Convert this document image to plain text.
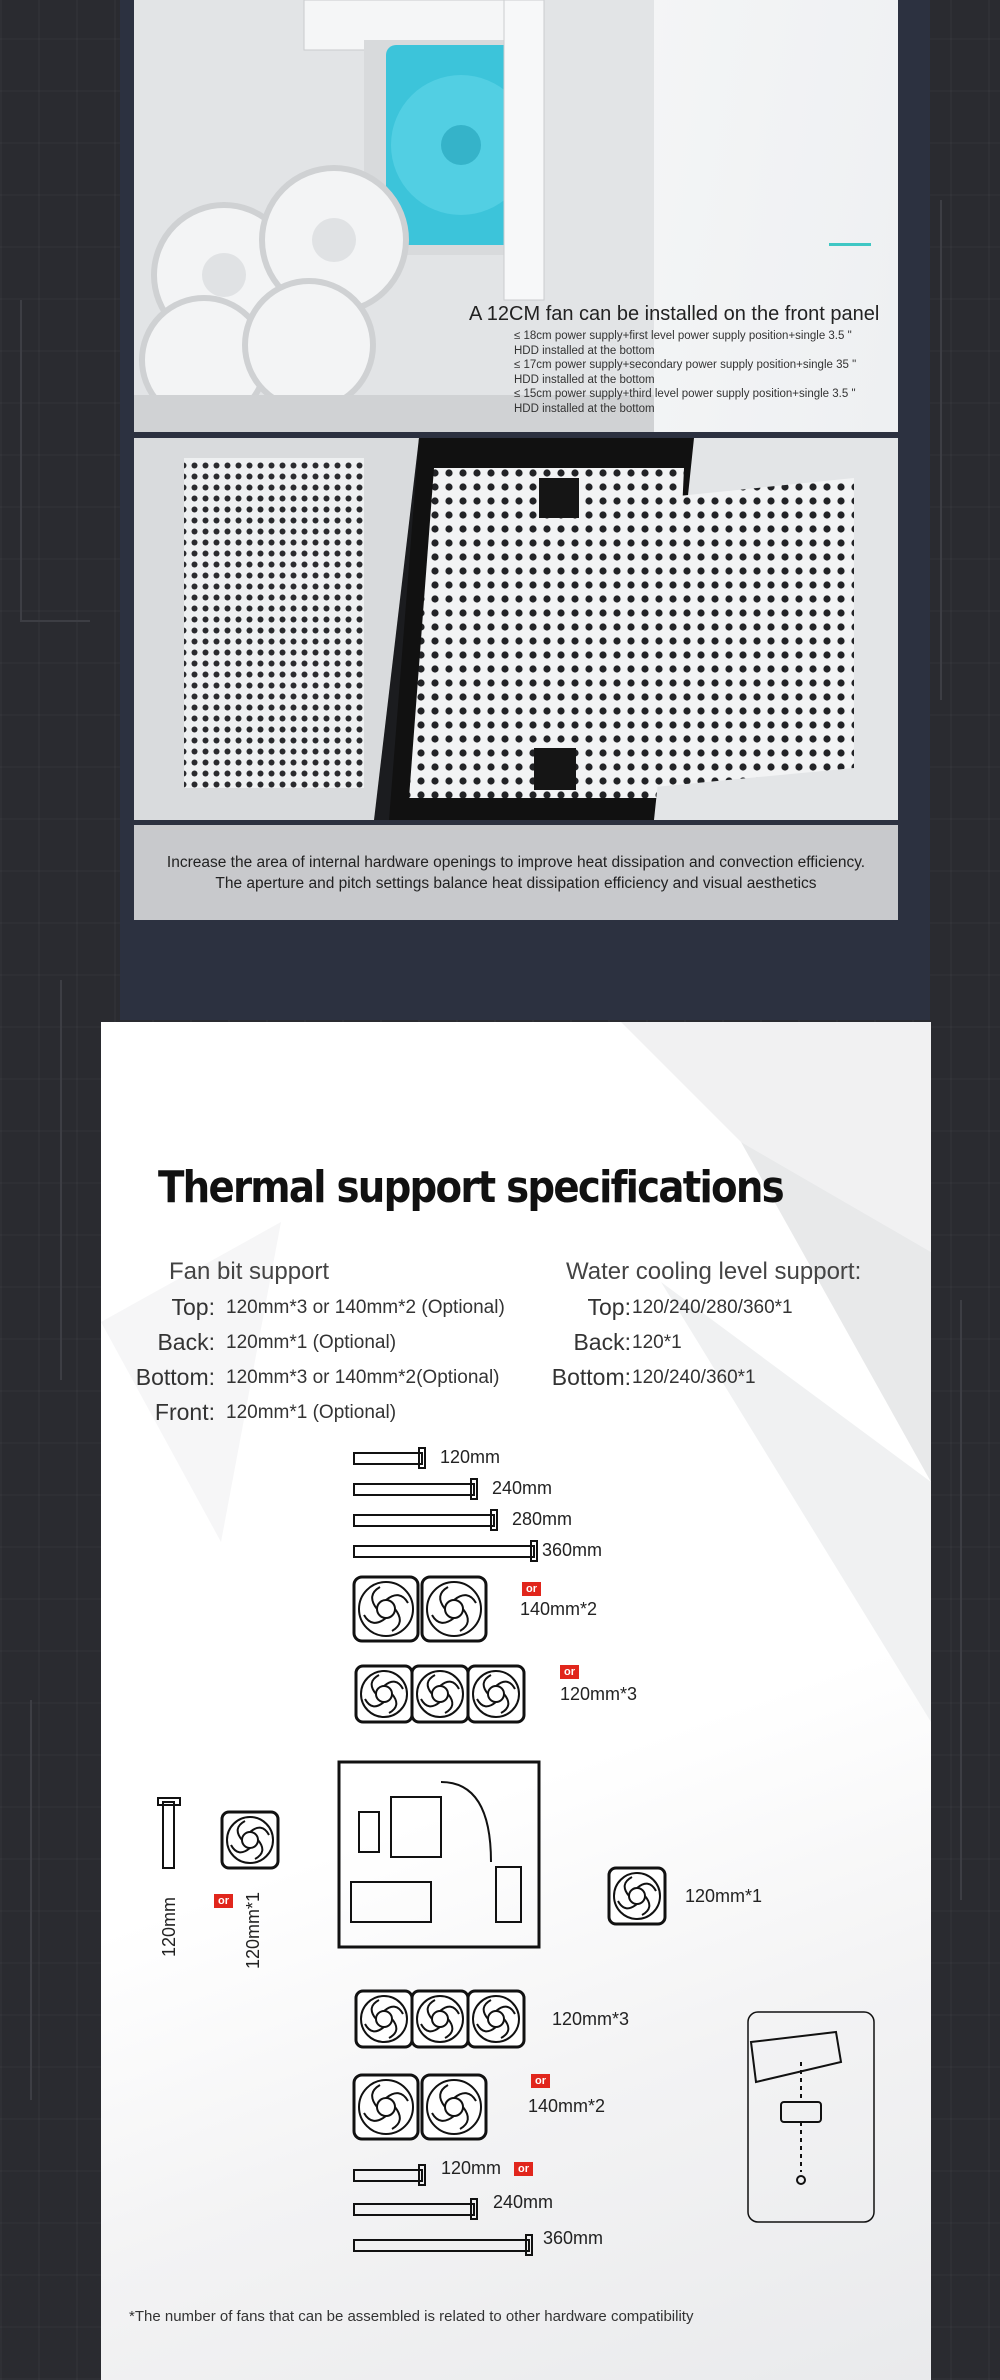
A 12CM fan can be installed on the front panel
≤ 18cm power supply+first level power supply position+single 3.5 "
HDD installed at the bottom
≤ 17cm power supply+secondary power supply position+single 35 "
HDD installed at the bottom
≤ 15cm power supply+third level power supply position+single 3.5 "
HDD installed at the bottom
Increase the area of internal hardware openings to improve heat dissipation and convection efficiency.
The aperture and pitch settings balance heat dissipation efficiency and visual aesthetics
Thermal support specifications
Fan bit support
Top: 120mm*3 or 140mm*2 (Optional)
Back: 120mm*1 (Optional)
Bottom: 120mm*3 or 140mm*2(Optional)
Front: 120mm*1 (Optional)
Water cooling level support:
Top: 120/240/280/360*1
Back: 120*1
Bottom: 120/240/360*1
120mm
240mm
280mm
360mm
or
140mm*2
or
120mm*3
120mm	or 120mm*1	120mm*1
120mm*3
or
140mm*2
120mm	or
240mm
360mm
*The number of fans that can be assembled is related to other hardware compatibility
